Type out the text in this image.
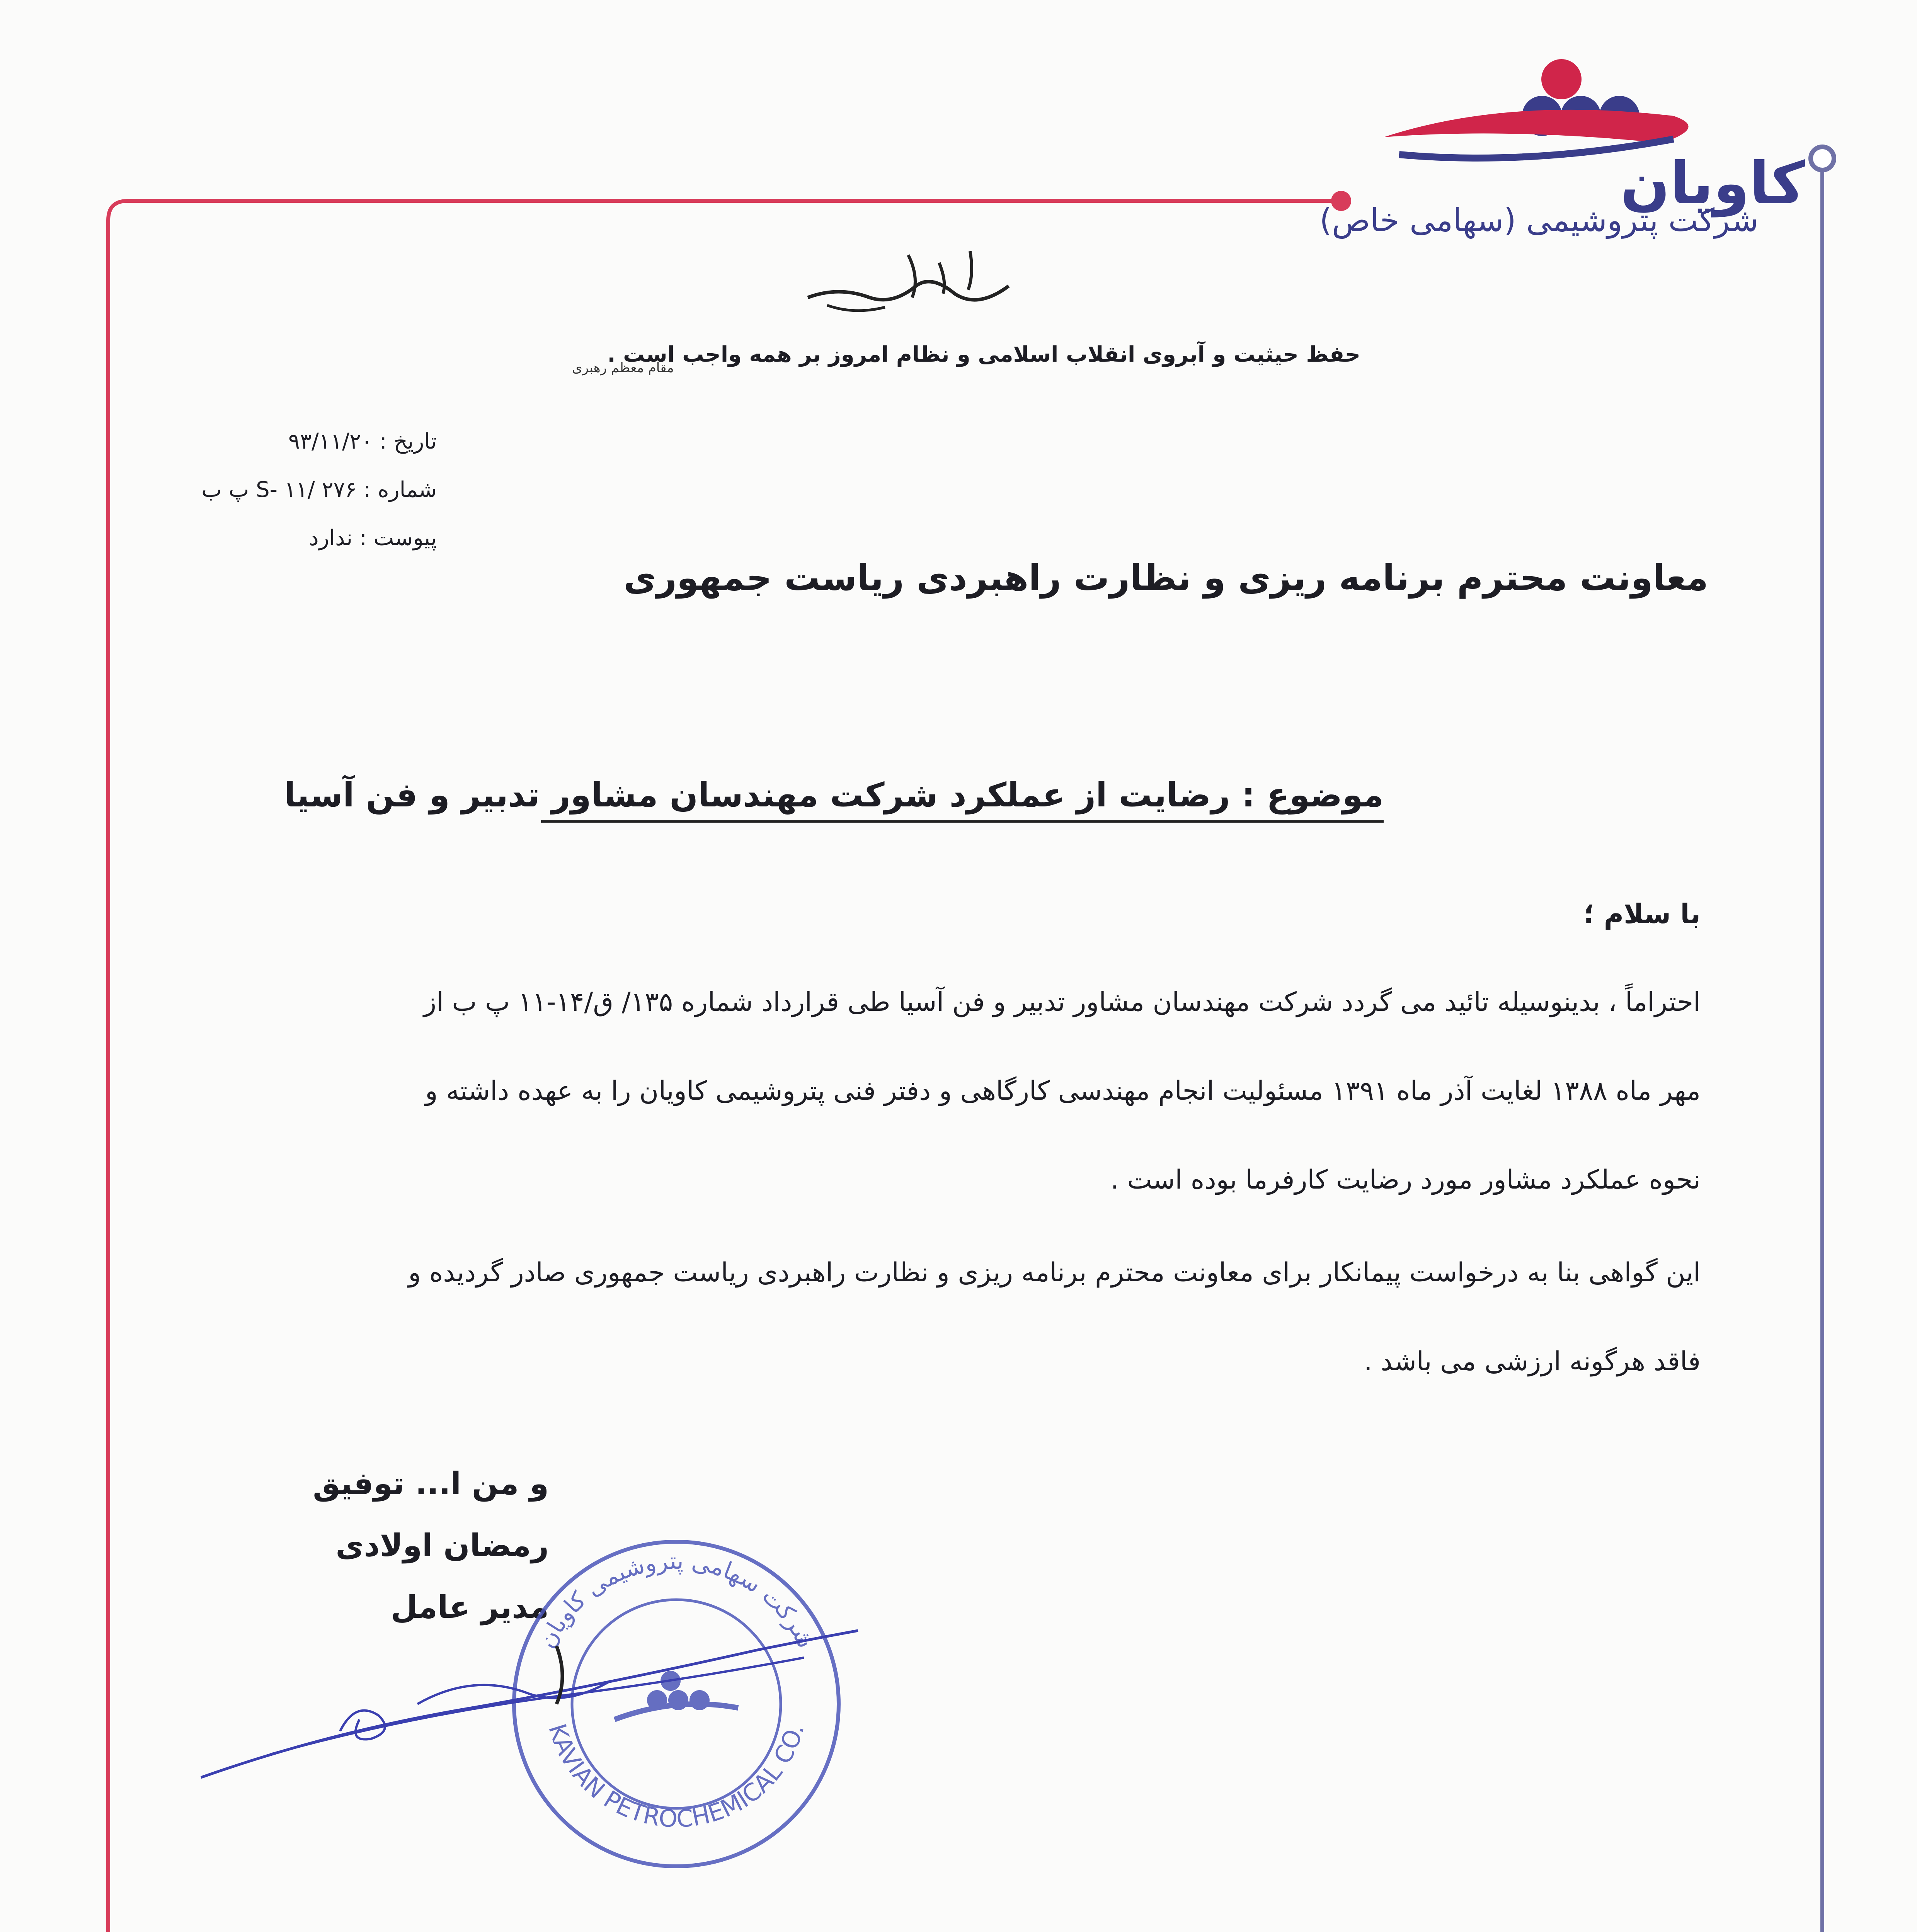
کاویان
شرکت پتروشیمی (سهامی خاص)
حفظ حیثیت و آبروی انقلاب اسلامی و نظام امروز بر همه واجب است .
مقام معظم رهبری
تاریخ : ۹۳/۱۱/۲۰
شماره : ۲۷۶ /S- ۱۱ پ ب
پیوست : ندارد
معاونت محترم برنامه ریزی و نظارت راهبردی ریاست جمهوری
موضوع : رضایت از عملکرد شرکت مهندسان مشاور تدبیر و فن آسیا
با سلام ؛
احتراماً ، بدینوسیله تائید می گردد شرکت مهندسان مشاور تدبیر و فن آسیا طی قرارداد شماره ۱۳۵/ ق/۱۴-۱۱ پ ب از
مهر ماه ۱۳۸۸ لغایت آذر ماه ۱۳۹۱ مسئولیت انجام مهندسی کارگاهی و دفتر فنی پتروشیمی کاویان را به عهده داشته و
نحوه عملکرد مشاور مورد رضایت کارفرما بوده است .
این گواهی بنا به درخواست پیمانکار برای معاونت محترم برنامه ریزی و نظارت راهبردی ریاست جمهوری صادر گردیده و
فاقد هرگونه ارزشی می باشد .
و من ا... توفیق
رمضان اولادی
مدیر عامل
شرکت سهامی پتروشیمی کاویان
KAVIAN PETROCHEMICAL CO.
